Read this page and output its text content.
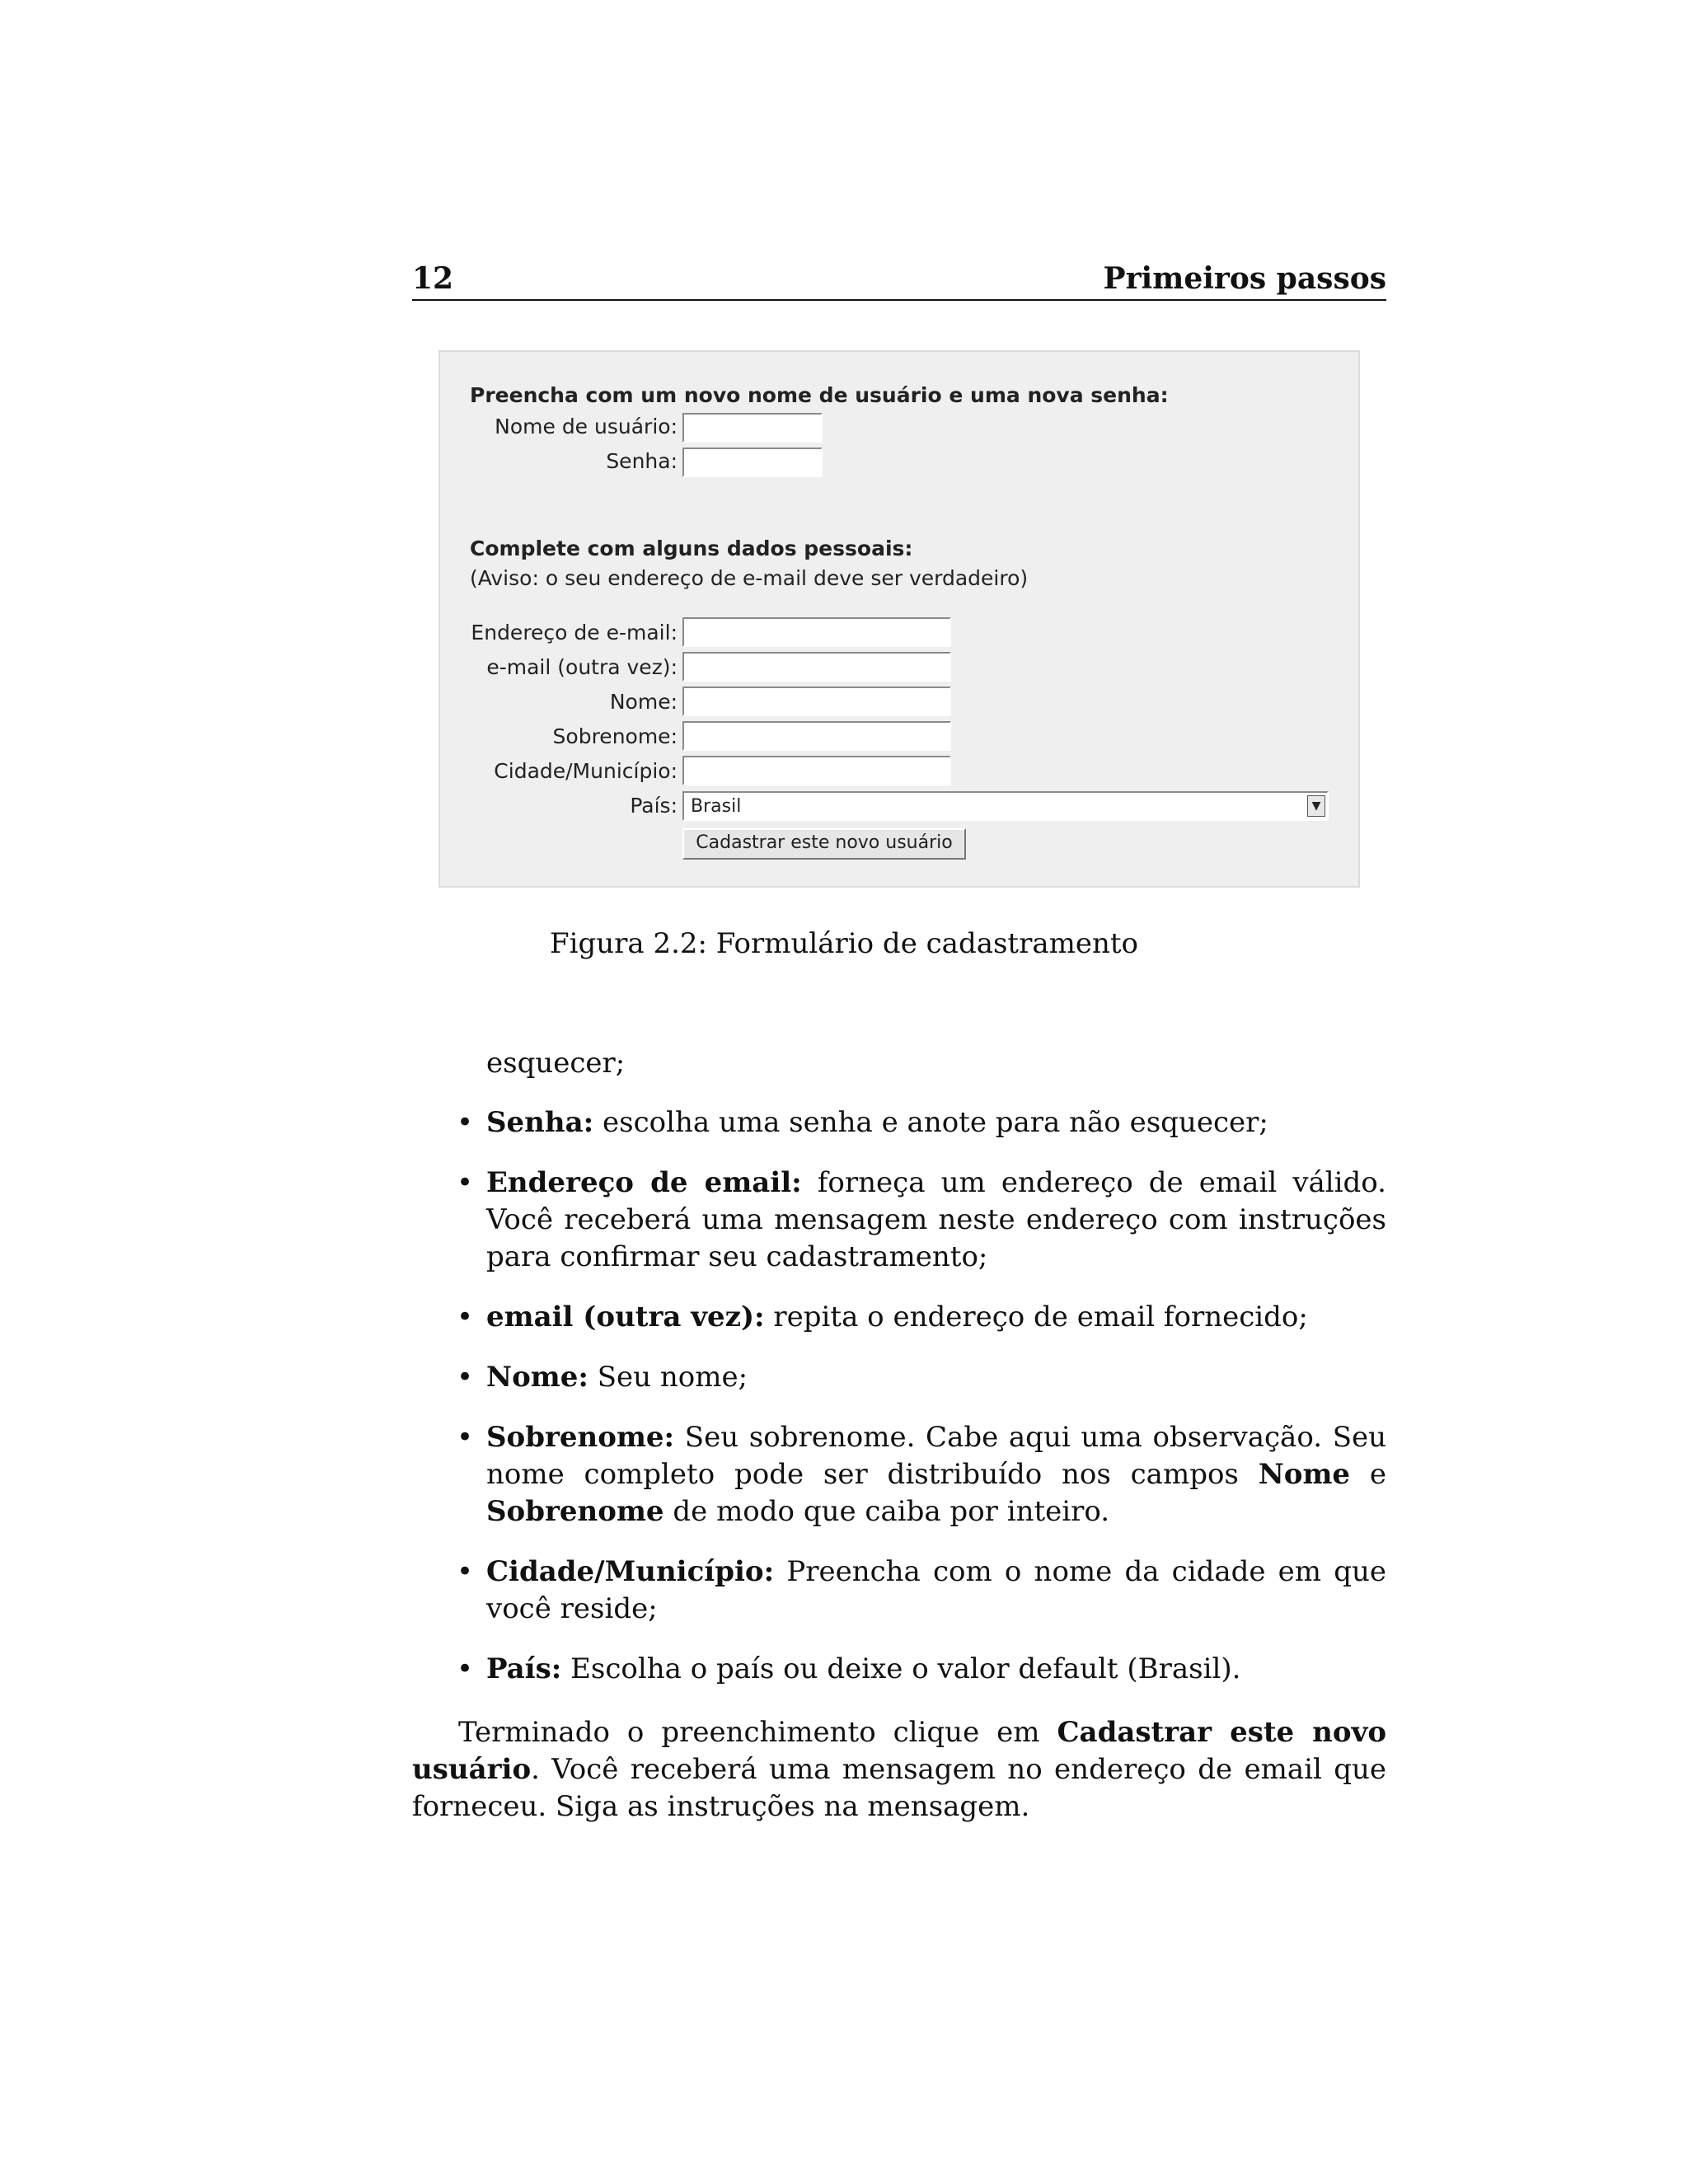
12	Primeiros passos
Preencha com um novo nome de usuário e uma nova senha:
Nome de usuário:
Senha:
Complete com alguns dados pessoais:
(Aviso: o seu endereço de e-mail deve ser verdadeiro)
Endereço de e-mail:
e-mail (outra vez):
Nome:
Sobrenome:
Cidade/Município:
País: Brasil	▼
Cadastrar este novo usuário
Figura 2.2: Formulário de cadastramento
esquecer;
• Senha: escolha uma senha e anote para não esquecer;
• Endereço de email: forneça um endereço de email válido. Você receberá uma mensagem neste endereço com instruções para confirmar seu cadastramento;
• email (outra vez): repita o endereço de email fornecido;
• Nome: Seu nome;
• Sobrenome: Seu sobrenome. Cabe aqui uma observação. Seu nome completo pode ser distribuído nos campos Nome e Sobrenome de modo que caiba por inteiro.
• Cidade/Município: Preencha com o nome da cidade em que você reside;
• País: Escolha o país ou deixe o valor default (Brasil).
Terminado o preenchimento clique em Cadastrar este novo usuário. Você receberá uma mensagem no endereço de email que forneceu. Siga as instruções na mensagem.
